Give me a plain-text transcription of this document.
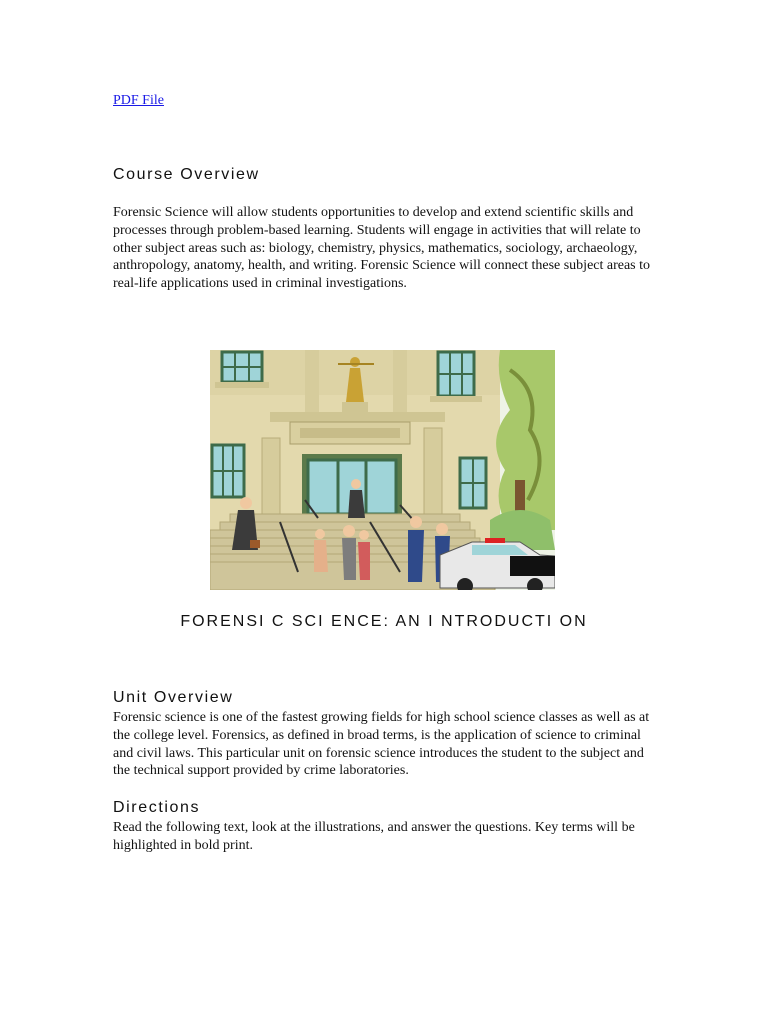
PDF File
Course Overview

Forensic Science will allow students opportunities to develop and extend scientific skills and processes through problem-based learning. Students will engage in activities that will relate to other subject areas such as: biology, chemistry, physics, mathematics, sociology, archaeology, anthropology, anatomy, health, and writing. Forensic Science will connect these subject areas to real-life applications used in criminal investigations.

FORENSI C SCI ENCE: AN I NTRODUCTI ON
Unit Overview

Forensic science is one of the fastest growing fields for high school science classes as well as at the college level. Forensics, as defined in broad terms, is the application of science to criminal and civil laws. This particular unit on forensic science introduces the student to the subject and the technical support provided by crime laboratories.

Directions

Read the following text, look at the illustrations, and answer the questions. Key terms will be highlighted in bold print.
